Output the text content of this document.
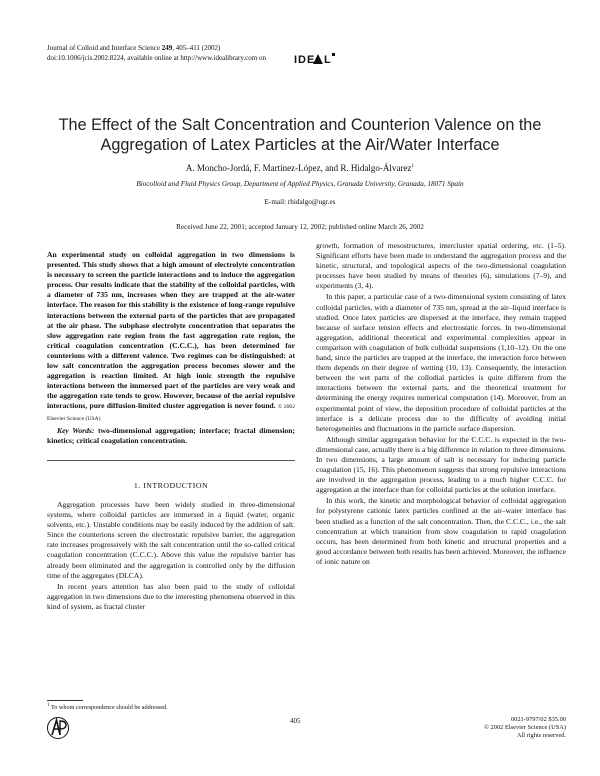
Journal of Colloid and Interface Science 249, 405–411 (2002)
doi:10.1006/jcis.2002.8224, available online at http://www.idealibrary.com on	IDE L
The Effect of the Salt Concentration and Counterion Valence on the
Aggregation of Latex Particles at the Air/Water Interface
A. Moncho-Jordá, F. Martínez-López, and R. Hidalgo-Álvarez$^1$
Biocolloid and Fluid Physics Group, Department of Applied Physics, Granada University, Granada, 18071 Spain
E-mail: rhidalgo@ugr.es
Received June 22, 2001; accepted January 12, 2002; published online March 26, 2002
An experimental study on colloidal aggregation in two dimensions is presented. This study shows that a high amount of electrolyte concentration is necessary to screen the particle interactions and to induce the aggregation process. Our results indicate that the stability of the colloidal particles, with a diameter of 735 nm, increases when they are trapped at the air-water interface. The reason for this stability is the existence of long-range repulsive interactions between the external parts of the particles that are propagated at the air phase. The subphase electrolyte concentration that separates the slow aggregation rate region from the fast aggregation rate region, the critical coagulation concentration (C.C.C.), has been determined for counterions with a different valence. Two regimes can be distinguished: at low salt concentration the aggregation process becomes slower and the aggregation is reaction limited. At high ionic strength the repulsive interactions between the immersed part of the particles are very weak and the aggregation rate tends to grow. However, because of the aerial repulsive interactions, pure diffusion-limited cluster aggregation is never found. © 2002 Elsevier Science (USA)
Key Words: two-dimensional aggregation; interface; fractal dimension; kinetics; critical coagulation concentration.
1. INTRODUCTION

Aggregation processes have been widely studied in three-dimensional systems, where colloidal particles are immersed in a liquid (water, organic solvents, etc.). Unstable conditions may be easily induced by the addition of salt. Since the counterions screen the electrostatic repulsive barrier, the aggregation rate increases progressively with the salt concentration until the so-called critical coagulation concentration (C.C.C.). Above this value the repulsive barrier has already been eliminated and the aggregation is controlled only by the diffusion time of the aggregates (DLCA).

In recent years attention has also been paid to the study of colloidal aggregation in two dimensions due to the interesting phenomena observed in this kind of system, as fractal cluster

growth, formation of mesostructures, intercluster spatial ordering, etc. (1–5). Significant efforts have been made to understand the aggregation process and the kinetic, structural, and topological aspects of the two-dimensional coagulation processes have been studied by means of theories (6), simulations (7–9), and experiments (3, 4).

In this paper, a particular case of a two-dimensional system consisting of latex colloidal particles, with a diameter of 735 nm, spread at the air–liquid interface is studied. Once latex particles are dispersed at the interface, they remain trapped because of surface tension effects and electrostatic forces. In two-dimensional aggregation, additional theoretical and experimental complexities appear in comparison with coagulation of bulk colloidal suspensions (1,10–12). On the one hand, since the particles are trapped at the interface, the interaction force between them depends on their degree of wetting (10, 13). Consequently, the interaction between the wet parts of the collodial particles is quite different from the interactions between the external parts, and the theoretical treatment for determining the energy requires numerical computation (14). Moreover, from an experimental point of view, the deposition procedure of colloidal particles at the interface is a delicate process due to the difficulty of avoiding initial heterogeneities and fluctuations in the particle surface dispersion.

Although similar aggregation behavior for the C.C.C. is expected in the two-dimensional case, actually there is a big difference in relation to three dimensions. In two dimensions, a large amount of salt is necessary for inducing particle coagulation (15, 16). This phenomenon suggests that strong repulsive interactions are involved in the aggregation process, leading to a much higher C.C.C. for aggregation at the interface than for colloidal particles at the solution interface.

In this work, the kinetic and morphological behavior of colloidal aggregation for polystyrene cationic latex particles confined at the air–water interface has been studied as a function of the salt concentration. Then, the C.C.C., i.e., the salt concentration at which transition from slow coagulation to rapid coagulation occurs, has been determined from both kinetic and structural properties and a good accordance between both results has been achieved. Moreover, the influence of ionic nature on

$^1$ To whom correspondence should be addressed.
405	0021-9797/02 $35.00
© 2002 Elsevier Science (USA)
All rights reserved.
